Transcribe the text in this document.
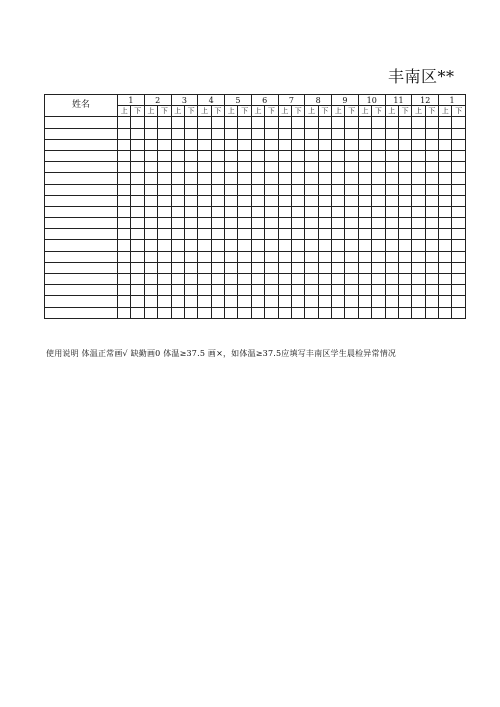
丰南区**
姓名	1		2		3		4		5		6		7		8		9		10		11		12		1	
	上	下	上	下	上	下	上	下	上	下	上	下	上	下	上	下	上	下	上	下	上	下	上	下	上	下

使用说明 体温正常画√ 缺勤画0 体温≥37.5 画×，如体温≥37.5应填写丰南区学生晨检异常情况
